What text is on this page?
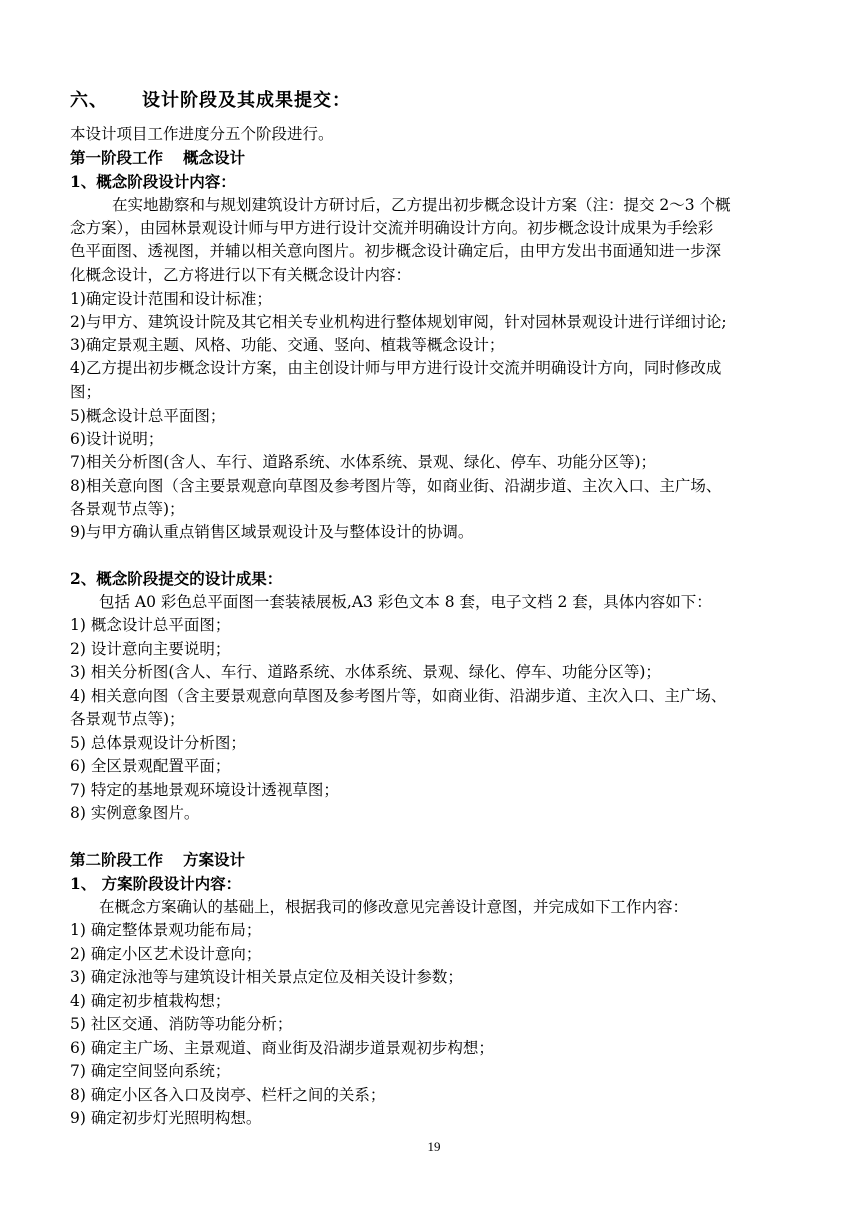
六、 设计阶段及其成果提交：
本设计项目工作进度分五个阶段进行。
第一阶段工作 概念设计
1、概念阶段设计内容：
在实地勘察和与规划建筑设计方研讨后，乙方提出初步概念设计方案（注：提交 2～3 个概
念方案），由园林景观设计师与甲方进行设计交流并明确设计方向。初步概念设计成果为手绘彩
色平面图、透视图，并辅以相关意向图片。初步概念设计确定后，由甲方发出书面通知进一步深
化概念设计，乙方将进行以下有关概念设计内容：
1)确定设计范围和设计标准；
2)与甲方、建筑设计院及其它相关专业机构进行整体规划审阅，针对园林景观设计进行详细讨论;
3)确定景观主题、风格、功能、交通、竖向、植栽等概念设计；
4)乙方提出初步概念设计方案，由主创设计师与甲方进行设计交流并明确设计方向，同时修改成
图；
5)概念设计总平面图；
6)设计说明；
7)相关分析图(含人、车行、道路系统、水体系统、景观、绿化、停车、功能分区等)；
8)相关意向图（含主要景观意向草图及参考图片等，如商业街、沿湖步道、主次入口、主广场、
各景观节点等)；
9)与甲方确认重点销售区域景观设计及与整体设计的协调。
2、概念阶段提交的设计成果：
包括 A0 彩色总平面图一套装裱展板,A3 彩色文本 8 套，电子文档 2 套，具体内容如下：
1) 概念设计总平面图；
2) 设计意向主要说明；
3) 相关分析图(含人、车行、道路系统、水体系统、景观、绿化、停车、功能分区等)；
4) 相关意向图（含主要景观意向草图及参考图片等，如商业街、沿湖步道、主次入口、主广场、
各景观节点等)；
5) 总体景观设计分析图；
6) 全区景观配置平面；
7) 特定的基地景观环境设计透视草图；
8) 实例意象图片。
第二阶段工作 方案设计
1、 方案阶段设计内容：
在概念方案确认的基础上，根据我司的修改意见完善设计意图，并完成如下工作内容：
1) 确定整体景观功能布局；
2) 确定小区艺术设计意向；
3) 确定泳池等与建筑设计相关景点定位及相关设计参数；
4) 确定初步植栽构想；
5) 社区交通、消防等功能分析；
6) 确定主广场、主景观道、商业街及沿湖步道景观初步构想；
7) 确定空间竖向系统；
8) 确定小区各入口及岗亭、栏杆之间的关系；
9) 确定初步灯光照明构想。
19
